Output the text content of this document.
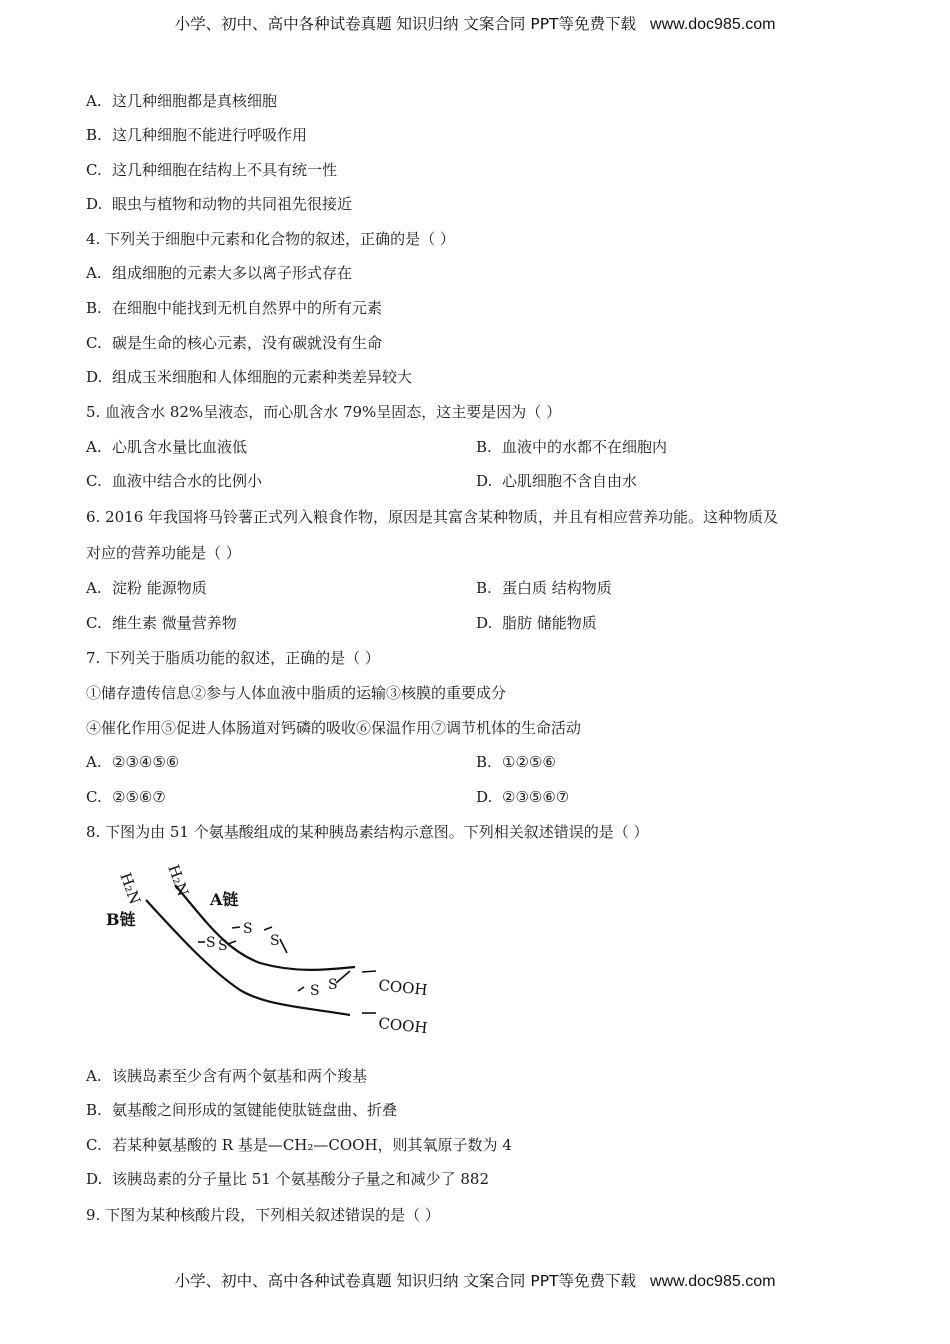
小学、初中、高中各种试卷真题 知识归纳 文案合同 PPT等免费下载 www.doc985.com
A. 这几种细胞都是真核细胞
B. 这几种细胞不能进行呼吸作用
C. 这几种细胞在结构上不具有统一性
D. 眼虫与植物和动物的共同祖先很接近
4. 下列关于细胞中元素和化合物的叙述，正确的是（ ）
A. 组成细胞的元素大多以离子形式存在
B. 在细胞中能找到无机自然界中的所有元素
C. 碳是生命的核心元素，没有碳就没有生命
D. 组成玉米细胞和人体细胞的元素种类差异较大
5. 血液含水 82%呈液态，而心肌含水 79%呈固态，这主要是因为（ ）
A. 心肌含水量比血液低	B. 血液中的水都不在细胞内
C. 血液中结合水的比例小	D. 心肌细胞不含自由水
6. 2016 年我国将马铃薯正式列入粮食作物，原因是其富含某种物质，并且有相应营养功能。这种物质及
对应的营养功能是（ ）
A. 淀粉 能源物质	B. 蛋白质 结构物质
C. 维生素 微量营养物	D. 脂肪 储能物质
7. 下列关于脂质功能的叙述，正确的是（ ）
①储存遗传信息②参与人体血液中脂质的运输③核膜的重要成分
④催化作用⑤促进人体肠道对钙磷的吸收⑥保温作用⑦调节机体的生命活动
A. ②③④⑤⑥	B. ①②⑤⑥
C. ②⑤⑥⑦	D. ②③⑤⑥⑦
8. 下图为由 51 个氨基酸组成的某种胰岛素结构示意图。下列相关叙述错误的是（ ）
H₂N H₂N
A链
B链
S S
S
S
S S	COOH
COOH
A. 该胰岛素至少含有两个氨基和两个羧基
B. 氨基酸之间形成的氢键能使肽链盘曲、折叠
C. 若某种氨基酸的 R 基是—CH₂—COOH，则其氧原子数为 4
D. 该胰岛素的分子量比 51 个氨基酸分子量之和减少了 882
9. 下图为某种核酸片段，下列相关叙述错误的是（ ）
小学、初中、高中各种试卷真题 知识归纳 文案合同 PPT等免费下载 www.doc985.com
